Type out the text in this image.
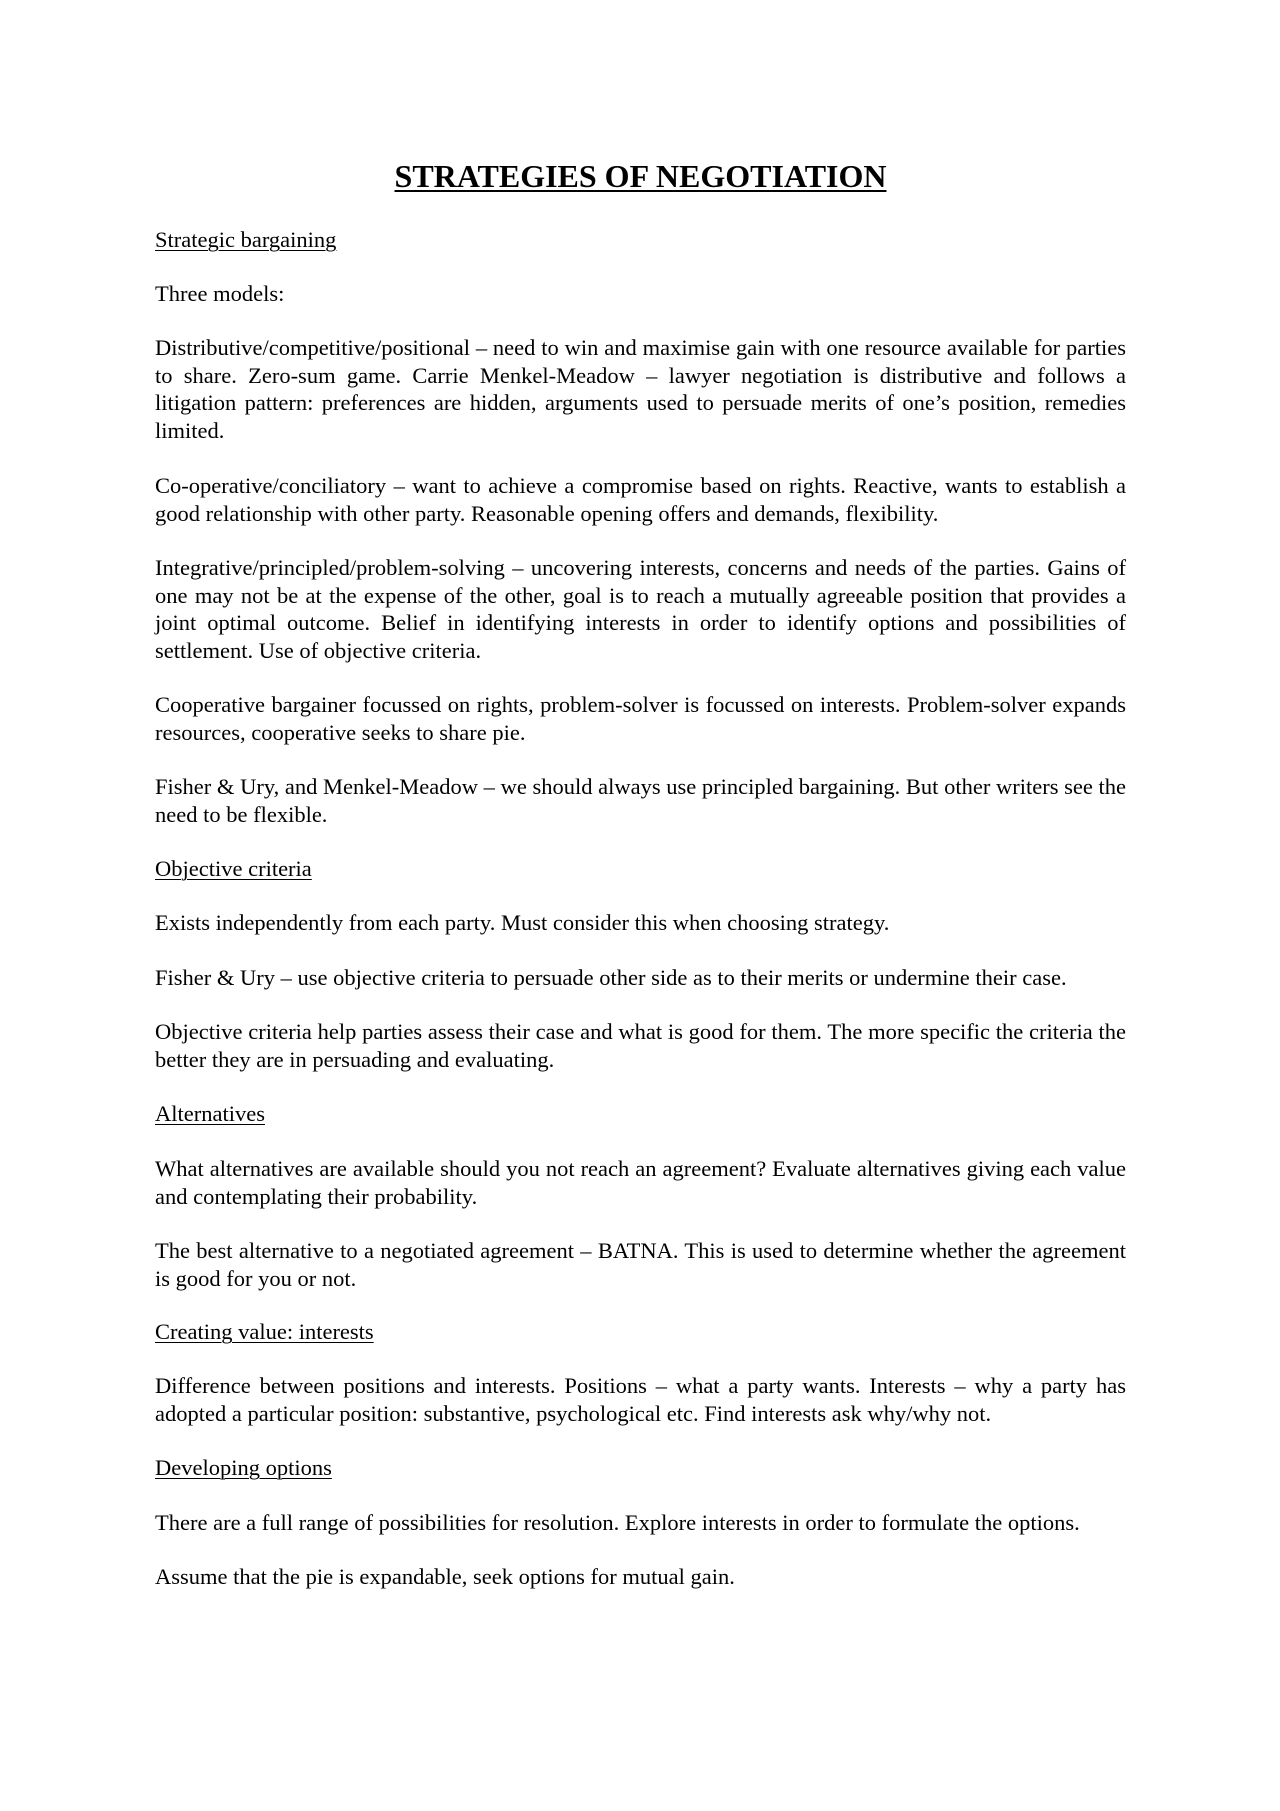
STRATEGIES OF NEGOTIATION

Strategic bargaining

Three models:

Distributive/competitive/positional – need to win and maximise gain with one resource available for parties to share. Zero-sum game. Carrie Menkel-Meadow – lawyer negotiation is distributive and follows a litigation pattern: preferences are hidden, arguments used to persuade merits of one’s position, remedies limited.

Co-operative/conciliatory – want to achieve a compromise based on rights. Reactive, wants to establish a good relationship with other party. Reasonable opening offers and demands, flexibility.

Integrative/principled/problem-solving – uncovering interests, concerns and needs of the parties. Gains of one may not be at the expense of the other, goal is to reach a mutually agreeable position that provides a joint optimal outcome. Belief in identifying interests in order to identify options and possibilities of settlement. Use of objective criteria.

Cooperative bargainer focussed on rights, problem-solver is focussed on interests. Problem-solver expands resources, cooperative seeks to share pie.

Fisher & Ury, and Menkel-Meadow – we should always use principled bargaining. But other writers see the need to be flexible.

Objective criteria

Exists independently from each party. Must consider this when choosing strategy.

Fisher & Ury – use objective criteria to persuade other side as to their merits or undermine their case.

Objective criteria help parties assess their case and what is good for them. The more specific the criteria the better they are in persuading and evaluating.

Alternatives

What alternatives are available should you not reach an agreement? Evaluate alternatives giving each value and contemplating their probability.

The best alternative to a negotiated agreement – BATNA. This is used to determine whether the agreement is good for you or not.

Creating value: interests

Difference between positions and interests. Positions – what a party wants. Interests – why a party has adopted a particular position: substantive, psychological etc. Find interests ask why/why not.

Developing options

There are a full range of possibilities for resolution. Explore interests in order to formulate the options.

Assume that the pie is expandable, seek options for mutual gain.
